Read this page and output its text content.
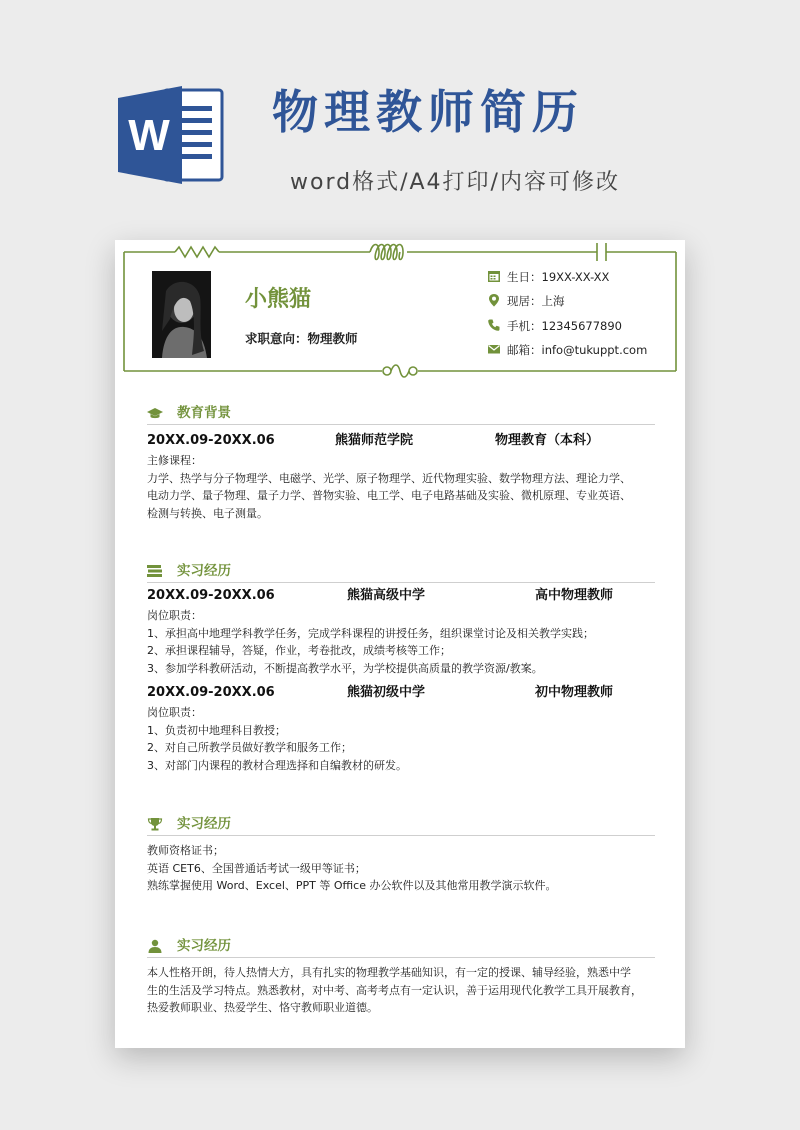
W 物理教师简历
word格式/A4打印/内容可修改
小熊猫
求职意向：物理教师
生日：19XX-XX-XX
现居：上海
手机：12345677890
邮箱：info@tukuppt.com
教育背景
20XX.09-20XX.06	熊猫师范学院	物理教育（本科）
主修课程：
力学、热学与分子物理学、电磁学、光学、原子物理学、近代物理实验、数学物理方法、理论力学、
电动力学、量子物理、量子力学、普物实验、电工学、电子电路基础及实验、微机原理、专业英语、
检测与转换、电子测量。
实习经历
20XX.09-20XX.06	熊猫高级中学	高中物理教师
岗位职责：
1、承担高中地理学科教学任务，完成学科课程的讲授任务，组织课堂讨论及相关教学实践；
2、承担课程辅导，答疑，作业，考卷批改，成绩考核等工作；
3、参加学科教研活动，不断提高教学水平，为学校提供高质量的教学资源/教案。
20XX.09-20XX.06	熊猫初级中学	初中物理教师
岗位职责：
1、负责初中地理科目教授；
2、对自己所教学员做好教学和服务工作；
3、对部门内课程的教材合理选择和自编教材的研发。
实习经历
教师资格证书；
英语 CET6、全国普通话考试一级甲等证书；
熟练掌握使用 Word、Excel、PPT 等 Office 办公软件以及其他常用教学演示软件。
实习经历
本人性格开朗，待人热情大方，具有扎实的物理教学基础知识，有一定的授课、辅导经验，熟悉中学
生的生活及学习特点。熟悉教材，对中考、高考考点有一定认识，善于运用现代化教学工具开展教育，
热爱教师职业、热爱学生、恪守教师职业道德。
